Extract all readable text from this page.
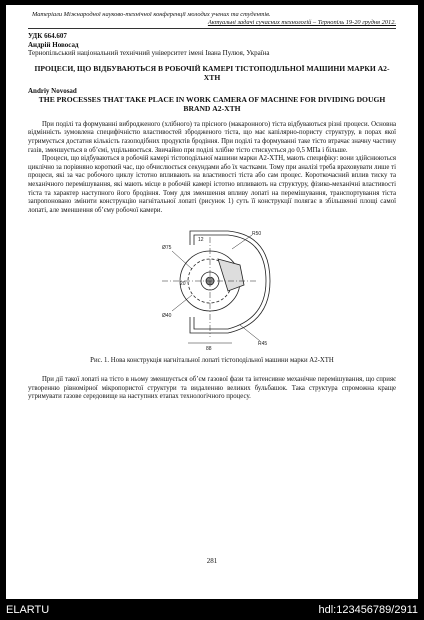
Матеріали Міжнародної науково-технічної конференції молодих учених та студентів.
Актуальні задачі сучасних технологій – Тернопіль 19-20 грудня 2012.
УДК 664.607
Андрій Новосад
Тернопільський національний технічний університет імені Івана Пулюя, Україна
ПРОЦЕСИ, ЩО ВІДБУВАЮТЬСЯ В РОБОЧІЙ КАМЕРІ ТІСТОПОДІЛЬНОЇ МАШИНИ МАРКИ А2-ХТН
Andriy Novosad
THE PROCESSES THAT TAKE PLACE IN WORK CAMERA OF MACHINE FOR DIVIDING DOUGH BRAND А2-ХТН

При поділі та формуванні виброджeного (хлібного) та прісного (макаронного) тіста відбуваються різні процеси. Основна відмінність зумовлена специфічністю властивостей збродженого тіста, що має капілярно-пористу структуру, в порах якої утримується достатня кількість газоподібних продуктів бродіння. При поділі та формуванні таке тісто втрачає значну частину газів, зменшується в об’ємі, ущільнюється. Звичайно при поділі хлібне тісто стискується до 0,5 МПа і більше.

Процеси, що відбуваються в робочій камері тістоподільної машини марки А2-ХТН, мають специфіку: вони здійснюються циклічно за порівняно короткий час, що обчислюється секундами або їх частками. Тому при аналізі треба враховувати лише ті процеси, які за час робочого циклу істотно впливають на властивості тіста або сам процес. Короткочасний вплив тиску та механічного перемішування, які мають місце в робочій камері істотно впливають на структуру, фізико-механічні властивості тіста та характер наступного його бродіння. Тому для зменшення впливу лопаті на перемішування, транспортування тіста запропоновано змінити конструкцію нагнітальної лопаті (рисунок 1) суть її конструкції полягає в збільшенні площі самої лопаті, але зменшення об’єму робочої камери.

12
Ø75
Ø40
R50
R45
88
20
Рис. 1. Нова конструкція нагнітальної лопаті тістоподільної машини марки А2-ХТН

При дії такої лопаті на тісто в ньому зменшується об’єм газової фази та інтенсивне механічне перемішування, що сприяє утворенню рівномірної мікропористої структури та видаленню великих бульбашок. Така структура спроможна краще утримувати газове середовище на наступних етапах технологічного процесу.

281
ELARTU	hdl:123456789/2911
